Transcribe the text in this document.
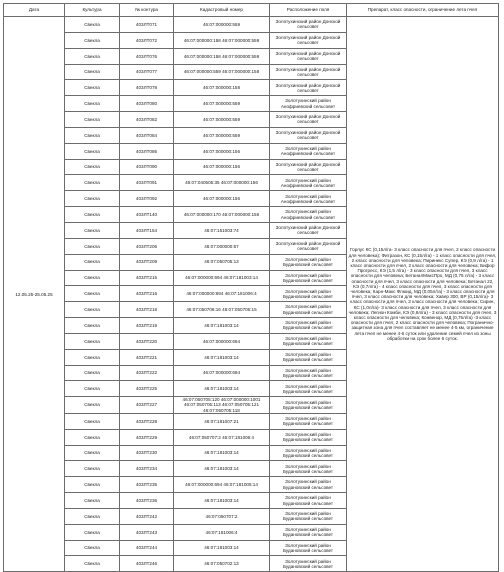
Дата	Культура	№ контура	Кадастровый номер	Расположение поля	Препарат, класс опасности, ограничение лета пчел
12.05.25-25.05.25	Свекла	403ЛТ071	46:07:000000:559	Золотухинский район Донской сельсовет	Горлус КС (0,15л/га- 3 класс опасности для пчел, 2 класс опасности для человека); Фитразон, КС (0,15л/га) - 1 класс опасности для пчел, 2 класс опасности для человека; Пиринекс Супер, КЭ (0,9 л/га) - 1 класс опасности для пчел, 2 класс опасности для человека; Бифор Прогресс, КЭ (1,5 л/га) - 3 класс опасности для пчел, 3 класс опасности для человека; БетаналМаксПро, МД (0,75 л/га) - 3 класс опасности для пчел, 3 класс опасности для человека; Бетанал 22, КЭ (0,7л/га) - 4 класс опасности для пчел, 3 класс опасности для человека; Карн-Макс Флюид, МД (0,05л/га) - 3 класс опасности для пчел, 3 класс опасности для человека; Хавер 300, ВР (0,15л/га)- 3 класс опасности для пчел, 3 класс опасности для человека; Сирин, КС (1,0л/га)- 3 класс опасности для пчел, 3 класс опасности для человека; Легион Комби, КЭ (0,6л/га) - 3 класс опасности для пчел, 3 класс опасности для человека; Конвенор, МД (0,75л/га) -3 класс опасности для пчел, 2 класс опасности для человека; Погранично-защитная зона для пчел составляет не менее 4-5 км, ограничение лета пчел не менее 4-6 суток или удаление семей пчел из зоны обработки на срок более 6 суток.
	Свекла	403ЛТ072	46:07:000000:158 46:07:000000:559	Золотухинский район Донской сельсовет	
	Свекла	403ЛТ076	46:07:000000:158 46:07:000000:559	Золотухинский район Донской сельсовет	
	Свекла	403ЛТ077	46:07:000000:559 46:07:000000:158	Золотухинский район Донской сельсовет	
	Свекла	403ЛТ078	46:07:000000:158	Золотухинский район Донской сельсовет	
	Свекла	403ЛТ080	46:07:000000:559	Золотухинский район Анофриевский сельсовет	
	Свекла	403ЛТ082	46:07:000000:559	Золотухинский район Донской сельсовет	
	Свекла	403ЛТ084	46:07:000000:559	Золотухинский район Донской сельсовет	
	Свекла	403ЛТ086	46:07:000000:156	Золотухинский район Анофриевский сельсовет	
	Свекла	403ЛТ090	46:07:000000:156	Золотухинский район Донской сельсовет	
	Свекла	403ЛТ091	46:07:040505:35 46:07:000000:156	Золотухинский район Анофриевский сельсовет	
	Свекла	403ЛТ092	46:07:000000:156	Золотухинский район Анофриевский сельсовет	
	Свекла	403ЛТ140	46:07:000000:170 46:07:000000:156	Золотухинский район Анофриевский сельсовет	
	Свекла	403ЛТ154	46:07:151003:74	Золотухинский район Донской сельсовет	
	Свекла	403ЛТ206	46:07:000000:67	Золотухинский район Донской сельсовет	
	Свекла	403ЛТ209	46:07:050705:13	Золотухинский район Будановский сельсовет	
	Свекла	403ЛТ215	46:07:000000:694 46:07:181003:14	Золотухинский район Будановский сельсовет	
	Свекла	403ЛТ216	46:07:000000:694 46:07:181006:4	Золотухинский район Будановский сельсовет	
	Свекла	403ЛТ218	46:07:050706:16 46:07:050706:15	Золотухинский район Будановский сельсовет	
	Свекла	403ЛТ219	46:07:181003:14	Золотухинский район Будановский сельсовет	
	Свекла	403ЛТ220	46:07:000000:694	Золотухинский район Будановский сельсовет	
	Свекла	403ЛТ221	46:07:181003:14	Золотухинский район Будановский сельсовет	
	Свекла	403ЛТ222	46:07:000000:694	Золотухинский район Будановский сельсовет	
	Свекла	403ЛТ225	46:07:181003:14	Золотухинский район Будановский сельсовет	
	Свекла	403ЛТ227	46:07:050705:120 46:07:000000:1001 46:07:050705:113 46:07:050705:121 46:07:050705:118	Золотухинский район Будановский сельсовет	
	Свекла	403ЛТ228	46:07:181007:21	Золотухинский район Будановский сельсовет	
	Свекла	403ЛТ229	46:07:050707:2 46:07:181006:4	Золотухинский район Будановский сельсовет	
	Свекла	403ЛТ230	46:07:181003:14	Золотухинский район Будановский сельсовет	
	Свекла	403ЛТ234	46:07:181003:14	Золотухинский район Будановский сельсовет	
	Свекла	403ЛТ235	46:07:000000:694 46:07:181005:14	Золотухинский район Будановский сельсовет	
	Свекла	403ЛТ236	46:07:181003:14	Золотухинский район Будановский сельсовет	
	Свекла	403ЛТ242	46:07:050707:2	Золотухинский район Будановский сельсовет	
	Свекла	403ЛТ243	46:07:181006:4	Золотухинский район Будановский сельсовет	
	Свекла	403ЛТ244	46:07:181003:14	Золотухинский район Будановский сельсовет	
	Свекла	403ЛТ246	46:07:050702:13	Золотухинский район Будановский сельсовет	
